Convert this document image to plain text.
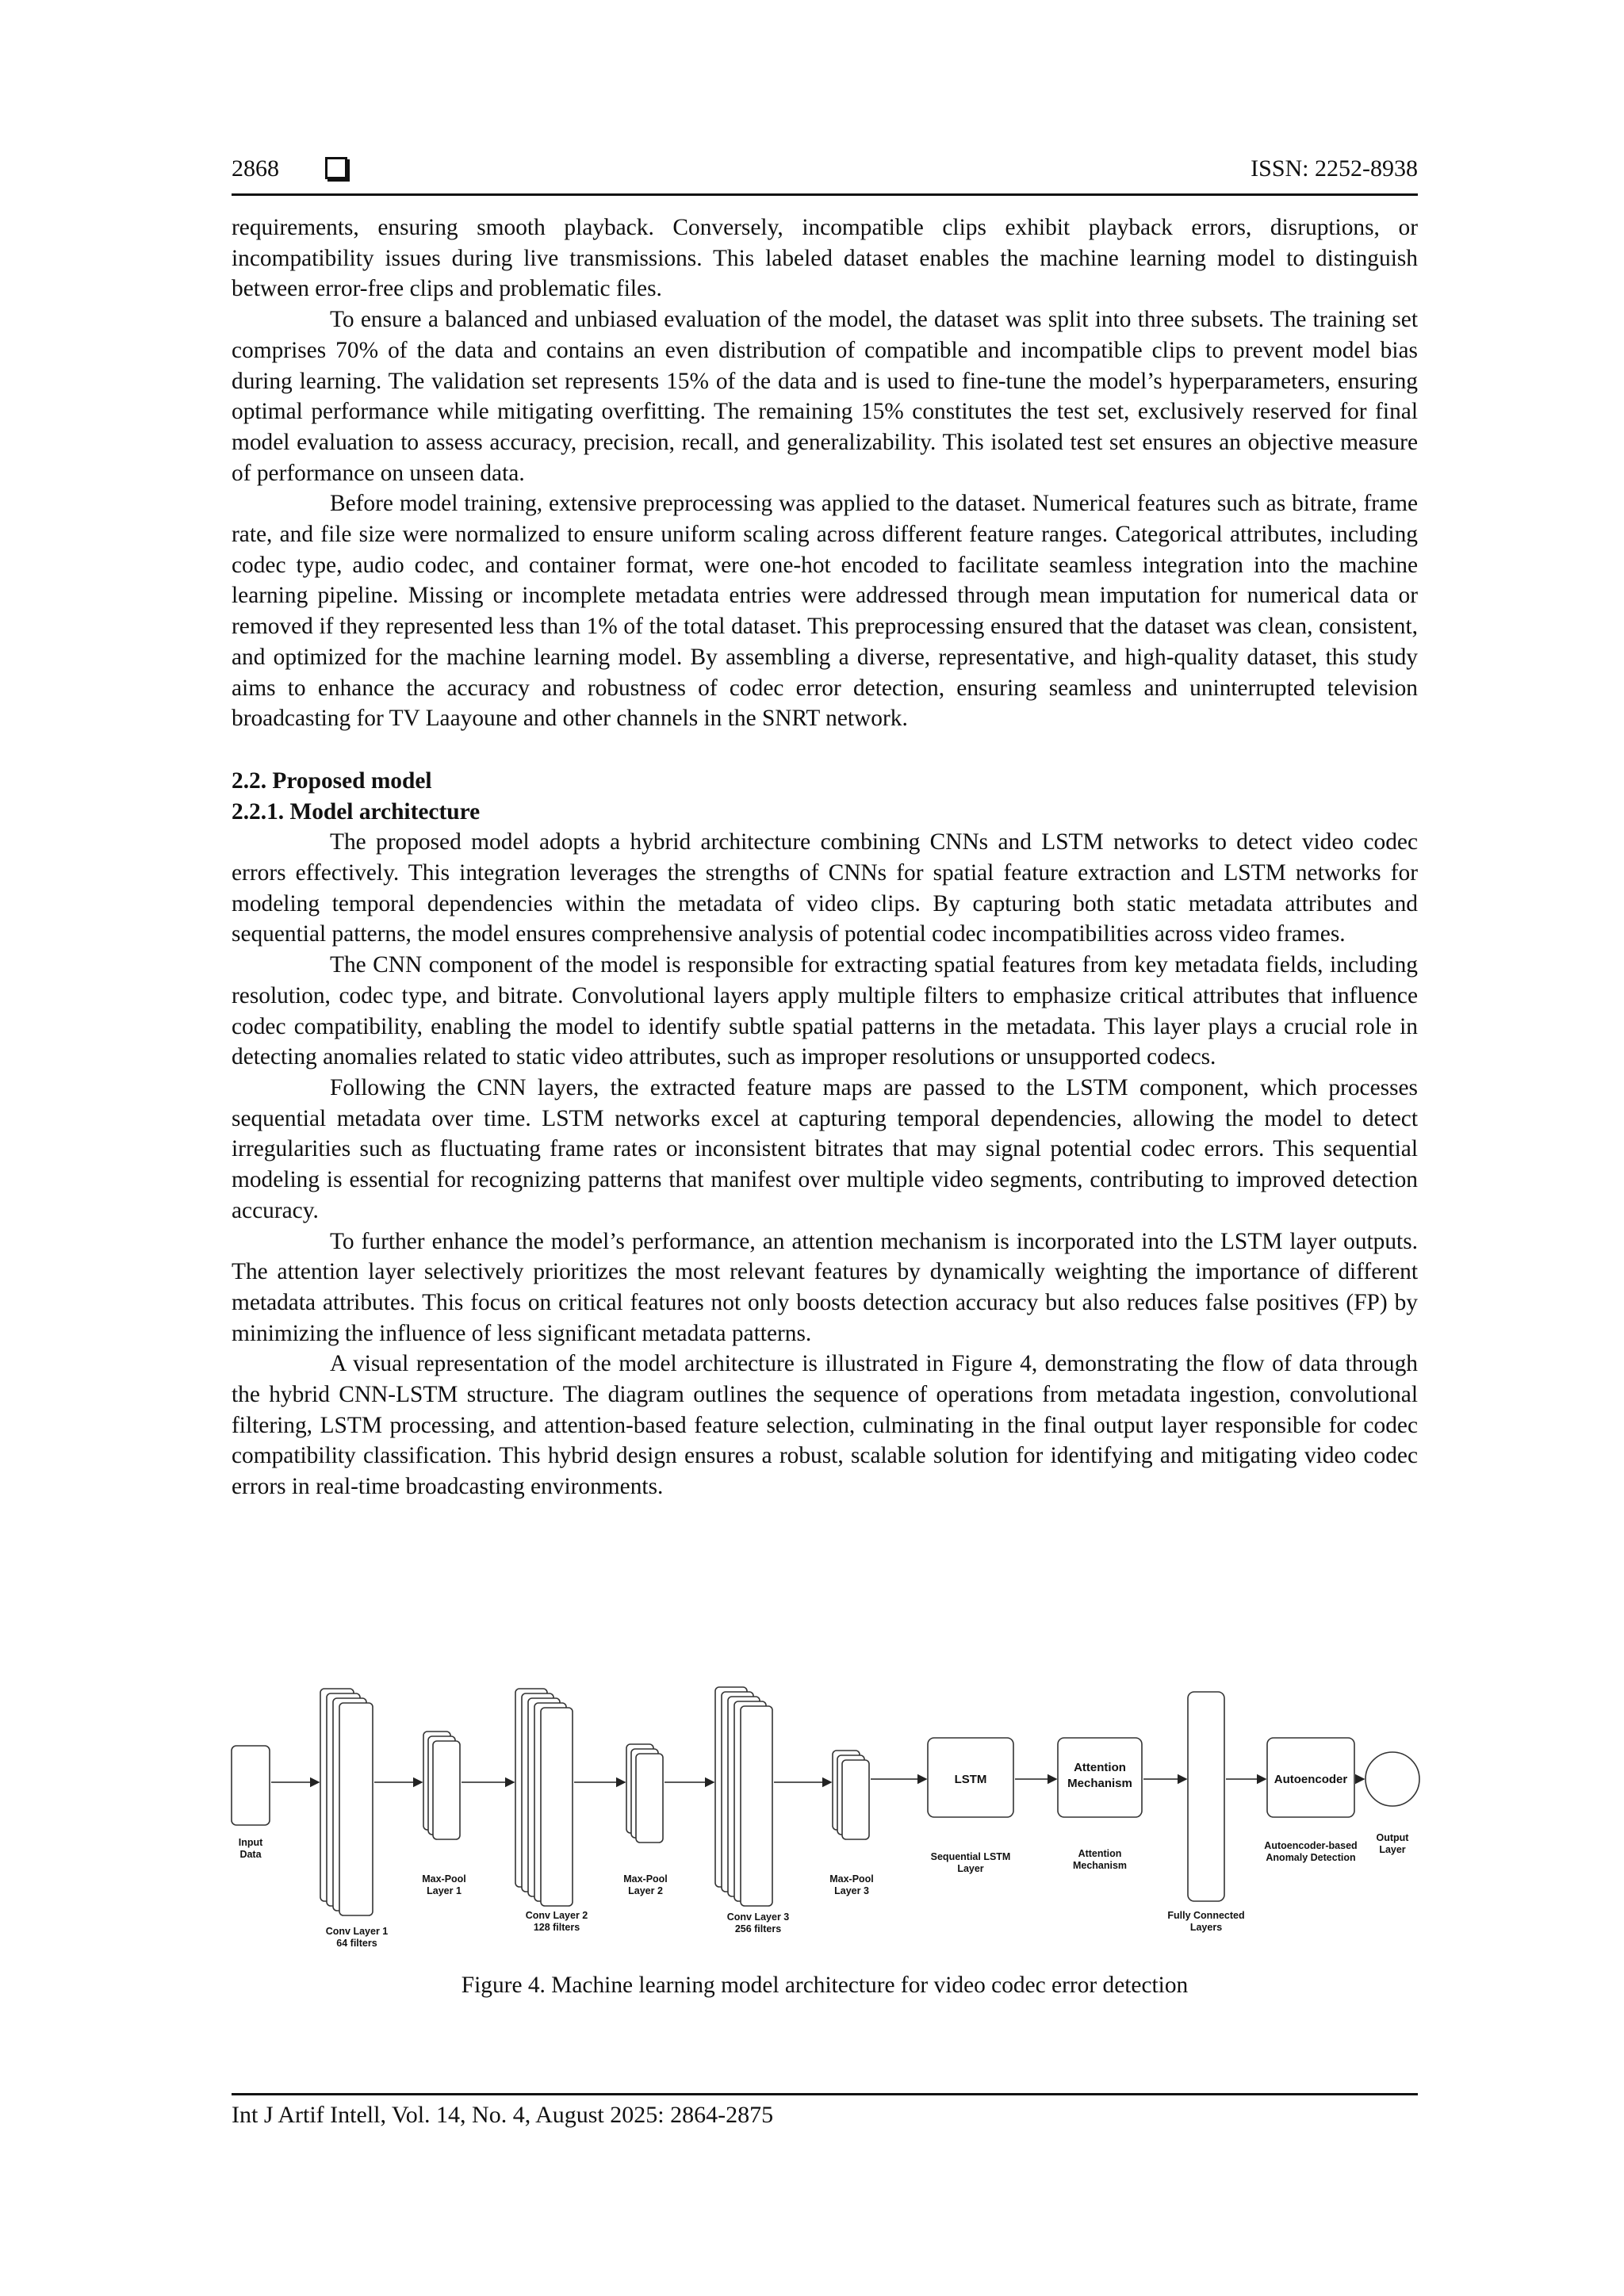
2868	ISSN: 2252-8938

requirements, ensuring smooth playback. Conversely, incompatible clips exhibit playback errors, disruptions, or incompatibility issues during live transmissions. This labeled dataset enables the machine learning model to distinguish between error-free clips and problematic files.

To ensure a balanced and unbiased evaluation of the model, the dataset was split into three subsets. The training set comprises 70% of the data and contains an even distribution of compatible and incompatible clips to prevent model bias during learning. The validation set represents 15% of the data and is used to fine-tune the model’s hyperparameters, ensuring optimal performance while mitigating overfitting. The remaining 15% constitutes the test set, exclusively reserved for final model evaluation to assess accuracy, precision, recall, and generalizability. This isolated test set ensures an objective measure of performance on unseen data.

Before model training, extensive preprocessing was applied to the dataset. Numerical features such as bitrate, frame rate, and file size were normalized to ensure uniform scaling across different feature ranges. Categorical attributes, including codec type, audio codec, and container format, were one-hot encoded to facilitate seamless integration into the machine learning pipeline. Missing or incomplete metadata entries were addressed through mean imputation for numerical data or removed if they represented less than 1% of the total dataset. This preprocessing ensured that the dataset was clean, consistent, and optimized for the machine learning model. By assembling a diverse, representative, and high-quality dataset, this study aims to enhance the accuracy and robustness of codec error detection, ensuring seamless and uninterrupted television broadcasting for TV Laayoune and other channels in the SNRT network.

2.2. Proposed model

2.2.1. Model architecture

The proposed model adopts a hybrid architecture combining CNNs and LSTM networks to detect video codec errors effectively. This integration leverages the strengths of CNNs for spatial feature extraction and LSTM networks for modeling temporal dependencies within the metadata of video clips. By capturing both static metadata attributes and sequential patterns, the model ensures comprehensive analysis of potential codec incompatibilities across video frames.

The CNN component of the model is responsible for extracting spatial features from key metadata fields, including resolution, codec type, and bitrate. Convolutional layers apply multiple filters to emphasize critical attributes that influence codec compatibility, enabling the model to identify subtle spatial patterns in the metadata. This layer plays a crucial role in detecting anomalies related to static video attributes, such as improper resolutions or unsupported codecs.

Following the CNN layers, the extracted feature maps are passed to the LSTM component, which processes sequential metadata over time. LSTM networks excel at capturing temporal dependencies, allowing the model to detect irregularities such as fluctuating frame rates or inconsistent bitrates that may signal potential codec errors. This sequential modeling is essential for recognizing patterns that manifest over multiple video segments, contributing to improved detection accuracy.

To further enhance the model’s performance, an attention mechanism is incorporated into the LSTM layer outputs. The attention layer selectively prioritizes the most relevant features by dynamically weighting the importance of different metadata attributes. This focus on critical features not only boosts detection accuracy but also reduces false positives (FP) by minimizing the influence of less significant metadata patterns.

A visual representation of the model architecture is illustrated in Figure 4, demonstrating the flow of data through the hybrid CNN-LSTM structure. The diagram outlines the sequence of operations from metadata ingestion, convolutional filtering, LSTM processing, and attention-based feature selection, culminating in the final output layer responsible for codec compatibility classification. This hybrid design ensures a robust, scalable solution for identifying and mitigating video codec errors in real-time broadcasting environments.

LSTM
Attention
Mechanism	Autoencoder
Input
Data
Conv Layer 1
64 filters
Max-Pool
Layer 1
Conv Layer 2
128 filters
Max-Pool
Layer 2
Conv Layer 3
256 filters
Max-Pool
Layer 3
Sequential LSTM
Layer
Attention
Mechanism
Fully Connected
Layers
Autoencoder-based
Anomaly Detection
Output
Layer
Figure 4. Machine learning model architecture for video codec error detection
Int J Artif Intell, Vol. 14, No. 4, August 2025: 2864-2875
